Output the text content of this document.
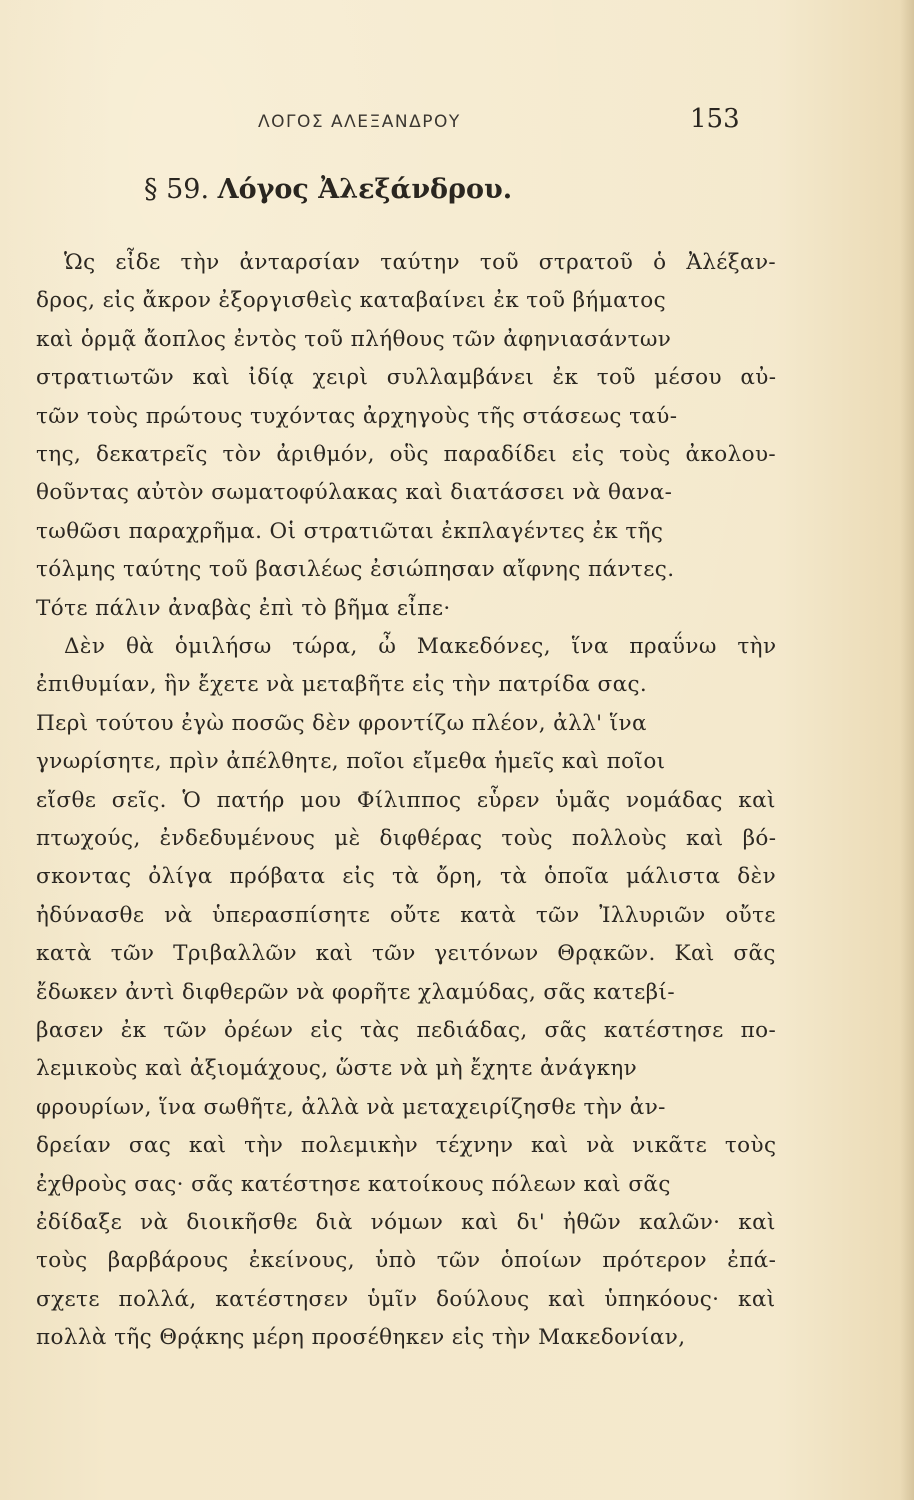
ΛΟΓΟΣ ΑΛΕΞΑΝΔΡΟΥ	153
§ 59. Λόγος Ἀλεξάνδρου.
Ὡς εἶδε τὴν ἀνταρσίαν ταύτην τοῦ στρατοῦ ὁ Ἀλέξαν-
δρος, εἰς ἄκρον ἐξοργισθεὶς καταβαίνει ἐκ τοῦ βήματος
καὶ ὁρμᾷ ἄοπλος ἐντὸς τοῦ πλήθους τῶν ἀφηνιασάντων
στρατιωτῶν καὶ ἰδίᾳ χειρὶ συλλαμβάνει ἐκ τοῦ μέσου αὐ-
τῶν τοὺς πρώτους τυχόντας ἀρχηγοὺς τῆς στάσεως ταύ-
της, δεκατρεῖς τὸν ἀριθμόν, οὓς παραδίδει εἰς τοὺς ἀκολου-
θοῦντας αὐτὸν σωματοφύλακας καὶ διατάσσει νὰ θανα-
τωθῶσι παραχρῆμα. Οἱ στρατιῶται ἐκπλαγέντες ἐκ τῆς
τόλμης ταύτης τοῦ βασιλέως ἐσιώπησαν αἴφνης πάντες.
Τότε πάλιν ἀναβὰς ἐπὶ τὸ βῆμα εἶπε·
Δὲν θὰ ὁμιλήσω τώρα, ὦ Μακεδόνες, ἵνα πραΰνω τὴν
ἐπιθυμίαν, ἣν ἔχετε νὰ μεταβῆτε εἰς τὴν πατρίδα σας.
Περὶ τούτου ἐγὼ ποσῶς δὲν φροντίζω πλέον, ἀλλ' ἵνα
γνωρίσητε, πρὶν ἀπέλθητε, ποῖοι εἴμεθα ἡμεῖς καὶ ποῖοι
εἴσθε σεῖς. Ὁ πατήρ μου Φίλιππος εὗρεν ὑμᾶς νομάδας καὶ
πτωχούς, ἐνδεδυμένους μὲ διφθέρας τοὺς πολλοὺς καὶ βό-
σκοντας ὀλίγα πρόβατα εἰς τὰ ὄρη, τὰ ὁποῖα μάλιστα δὲν
ἠδύνασθε νὰ ὑπερασπίσητε οὔτε κατὰ τῶν Ἰλλυριῶν οὔτε
κατὰ τῶν Τριβαλλῶν καὶ τῶν γειτόνων Θρᾳκῶν. Καὶ σᾶς
ἔδωκεν ἀντὶ διφθερῶν νὰ φορῆτε χλαμύδας, σᾶς κατεβί-
βασεν ἐκ τῶν ὀρέων εἰς τὰς πεδιάδας, σᾶς κατέστησε πο-
λεμικοὺς καὶ ἀξιομάχους, ὥστε νὰ μὴ ἔχητε ἀνάγκην
φρουρίων, ἵνα σωθῆτε, ἀλλὰ νὰ μεταχειρίζησθε τὴν ἀν-
δρείαν σας καὶ τὴν πολεμικὴν τέχνην καὶ νὰ νικᾶτε τοὺς
ἐχθροὺς σας· σᾶς κατέστησε κατοίκους πόλεων καὶ σᾶς
ἐδίδαξε νὰ διοικῆσθε διὰ νόμων καὶ δι' ἠθῶν καλῶν· καὶ
τοὺς βαρβάρους ἐκείνους, ὑπὸ τῶν ὁποίων πρότερον ἐπά-
σχετε πολλά, κατέστησεν ὑμῖν δούλους καὶ ὑπηκόους· καὶ
πολλὰ τῆς Θρᾴκης μέρη προσέθηκεν εἰς τὴν Μακεδονίαν,
